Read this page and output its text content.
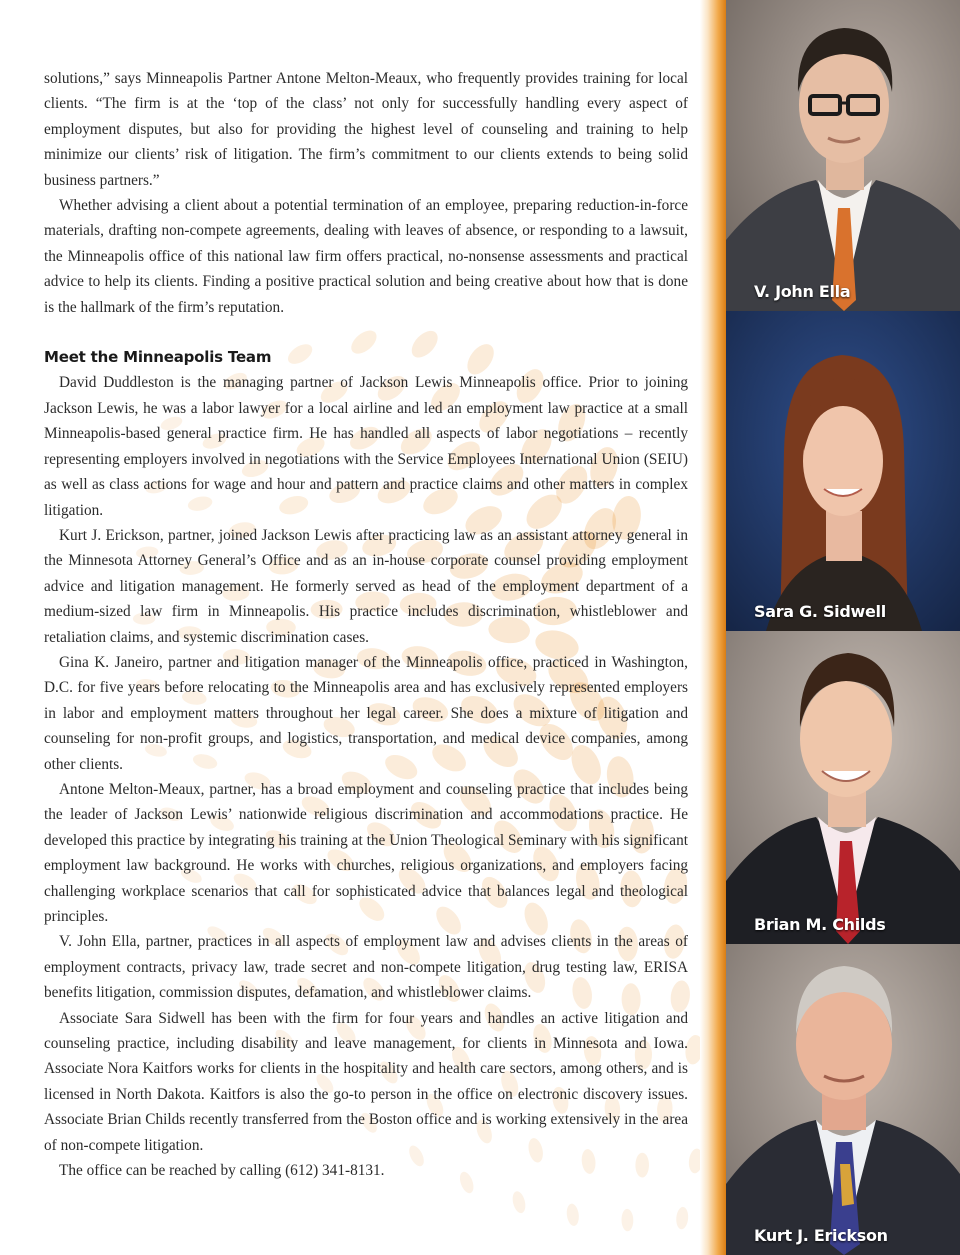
solutions,” says Minneapolis Partner Antone Melton-Meaux, who frequently provides training for local clients. “The firm is at the ‘top of the class’ not only for successfully handling every aspect of employment disputes, but also for providing the highest level of counseling and training to help minimize our clients’ risk of litigation. The firm’s commitment to our clients extends to being solid business partners.”

Whether advising a client about a potential termination of an employee, preparing reduction-in-force materials, drafting non-compete agreements, dealing with leaves of absence, or responding to a lawsuit, the Minneapolis office of this national law firm offers practical, no-nonsense assessments and practical advice to help its clients. Finding a positive practical solution and being creative about how that is done is the hallmark of the firm’s reputation.

Meet the Minneapolis Team

David Duddleston is the managing partner of Jackson Lewis Minneapolis office. Prior to joining Jackson Lewis, he was a labor lawyer for a local airline and led an employment law practice at a small Minneapolis-based general practice firm. He has handled all aspects of labor negotiations – recently representing employers involved in negotiations with the Service Employees International Union (SEIU) as well as class actions for wage and hour and pattern and practice claims and other matters in complex litigation.

Kurt J. Erickson, partner, joined Jackson Lewis after practicing law as an assistant attorney general in the Minnesota Attorney General’s Office and as an in-house corporate counsel providing employment advice and litigation management. He formerly served as head of the employment department of a medium-sized law firm in Minneapolis. His practice includes discrimination, whistleblower and retaliation claims, and systemic discrimination cases.

Gina K. Janeiro, partner and litigation manager of the Minneapolis office, practiced in Washington, D.C. for five years before relocating to the Minneapolis area and has exclusively represented employers in labor and employment matters throughout her legal career. She does a mixture of litigation and counseling for non-profit groups, and logistics, transportation, and medical device companies, among other clients.

Antone Melton-Meaux, partner, has a broad employment and counseling practice that includes being the leader of Jackson Lewis’ nationwide religious discrimination and accommodations practice. He developed this practice by integrating his training at the Union Theological Seminary with his significant employment law background. He works with churches, religious organizations, and employers facing challenging workplace scenarios that call for sophisticated advice that balances legal and theological principles.

V. John Ella, partner, practices in all aspects of employment law and advises clients in the areas of employment contracts, privacy law, trade secret and non-compete litigation, drug testing law, ERISA benefits litigation, commission disputes, defamation, and whistleblower claims.

Associate Sara Sidwell has been with the firm for four years and handles an active litigation and counseling practice, including disability and leave management, for clients in Minnesota and Iowa. Associate Nora Kaitfors works for clients in the hospitality and health care sectors, among others, and is licensed in North Dakota. Kaitfors is also the go-to person in the office on electronic discovery issues. Associate Brian Childs recently transferred from the Boston office and is working extensively in the area of non-compete litigation.

The office can be reached by calling (612) 341-8131.

V. John Ella
Sara G. Sidwell
Brian M. Childs
Kurt J. Erickson
